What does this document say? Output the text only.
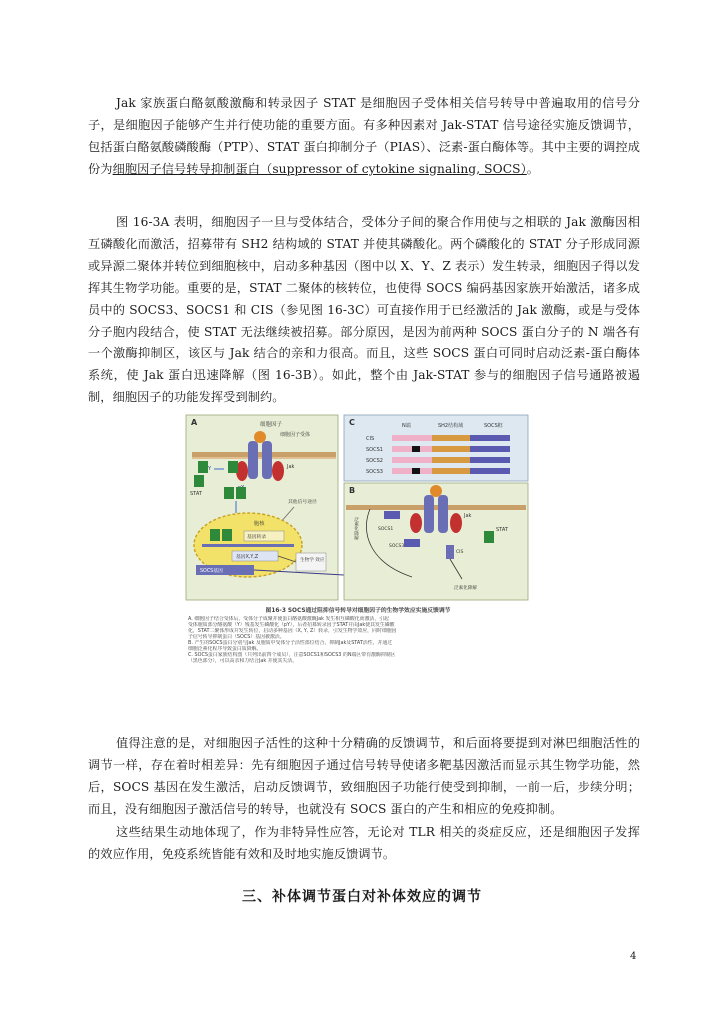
Jak 家族蛋白酪氨酸激酶和转录因子 STAT 是细胞因子受体相关信号转导中普遍取用的信号分子，是细胞因子能够产生并行使功能的重要方面。有多种因素对 Jak-STAT 信号途径实施反馈调节，包括蛋白酪氨酸磷酸酶（PTP）、STAT 蛋白抑制分子（PIAS）、泛素-蛋白酶体等。其中主要的调控成份为细胞因子信号转导抑制蛋白（suppressor of cytokine signaling, SOCS）。

图 16-3A 表明，细胞因子一旦与受体结合，受体分子间的聚合作用使与之相联的 Jak 激酶因相互磷酸化而激活，招募带有 SH2 结构域的 STAT 并使其磷酸化。两个磷酸化的 STAT 分子形成同源或异源二聚体并转位到细胞核中，启动多种基因（图中以 X、Y、Z 表示）发生转录，细胞因子得以发挥其生物学功能。重要的是，STAT 二聚体的核转位，也使得 SOCS 编码基因家族开始激活，诸多成员中的 SOCS3、SOCS1 和 CIS（参见图 16-3C）可直接作用于已经激活的 Jak 激酶，或是与受体分子胞内段结合，使 STAT 无法继续被招募。部分原因，是因为前两种 SOCS 蛋白分子的 N 端各有一个激酶抑制区，该区与 Jak 结合的亲和力很高。而且，这些 SOCS 蛋白可同时启动泛素-蛋白酶体系统，使 Jak 蛋白迅速降解（图 16-3B）。如此，整个由 Jak-STAT 参与的细胞因子信号通路被遏制，细胞因子的功能发挥受到制约。

A	细胞因子
细胞因子受体
Jak
Y
STAT
其他信号途径
胞核
基因转录
基因X,Y,Z
SOCS基因
生物学 效应
C	N端	SH2结构域	SOCS框
CIS
SOCS1
SOCS2
SOCS3
B
Jak
SOCS1
SOCS3
CIS
STAT
泛素化降解
泛素化降解

图16-3 SOCS通过阻抑信号转导对细胞因子的生物学效应实施反馈调节

A. 细胞因子结合受体后，受体分子成聚并使蛋白酪氨酸激酶Jak 发生相互磷酸化而激活，引起

受体胞质部分酪氨酸（Y）残基发生磷酸化（pY），后者招募转录因子STAT并由Jak使其发生磷酸

化，STAT二聚体形成并发生转位，启动多种基因（X, Y, Z）转录，引发生物学效应，同时细胞因

子信号转导抑制蛋白（SOCS）基因被激活。

B. 产生的SOCS蛋白分别与Jak 及胞质中受体分子活性部位结合，抑制Jak及STAT活性，并通过

细胞泛素化程序导致蛋白质降解。

C. SOCS蛋白家族结构图（只列出前四个成员），注意SOCS1和SOCS3 的N端区带有激酶抑制区

（黑色部分），可以高亲和力结合Jak 并使其失活。

值得注意的是，对细胞因子活性的这种十分精确的反馈调节，和后面将要提到对淋巴细胞活性的调节一样，存在着时相差异：先有细胞因子通过信号转导使诸多靶基因激活而显示其生物学功能，然后，SOCS 基因在发生激活，启动反馈调节，致细胞因子功能行使受到抑制，一前一后，步续分明；而且，没有细胞因子激活信号的转导，也就没有 SOCS 蛋白的产生和相应的免疫抑制。

这些结果生动地体现了，作为非特异性应答，无论对 TLR 相关的炎症反应，还是细胞因子发挥的效应作用，免疫系统皆能有效和及时地实施反馈调节。

三、补体调节蛋白对补体效应的调节
4
